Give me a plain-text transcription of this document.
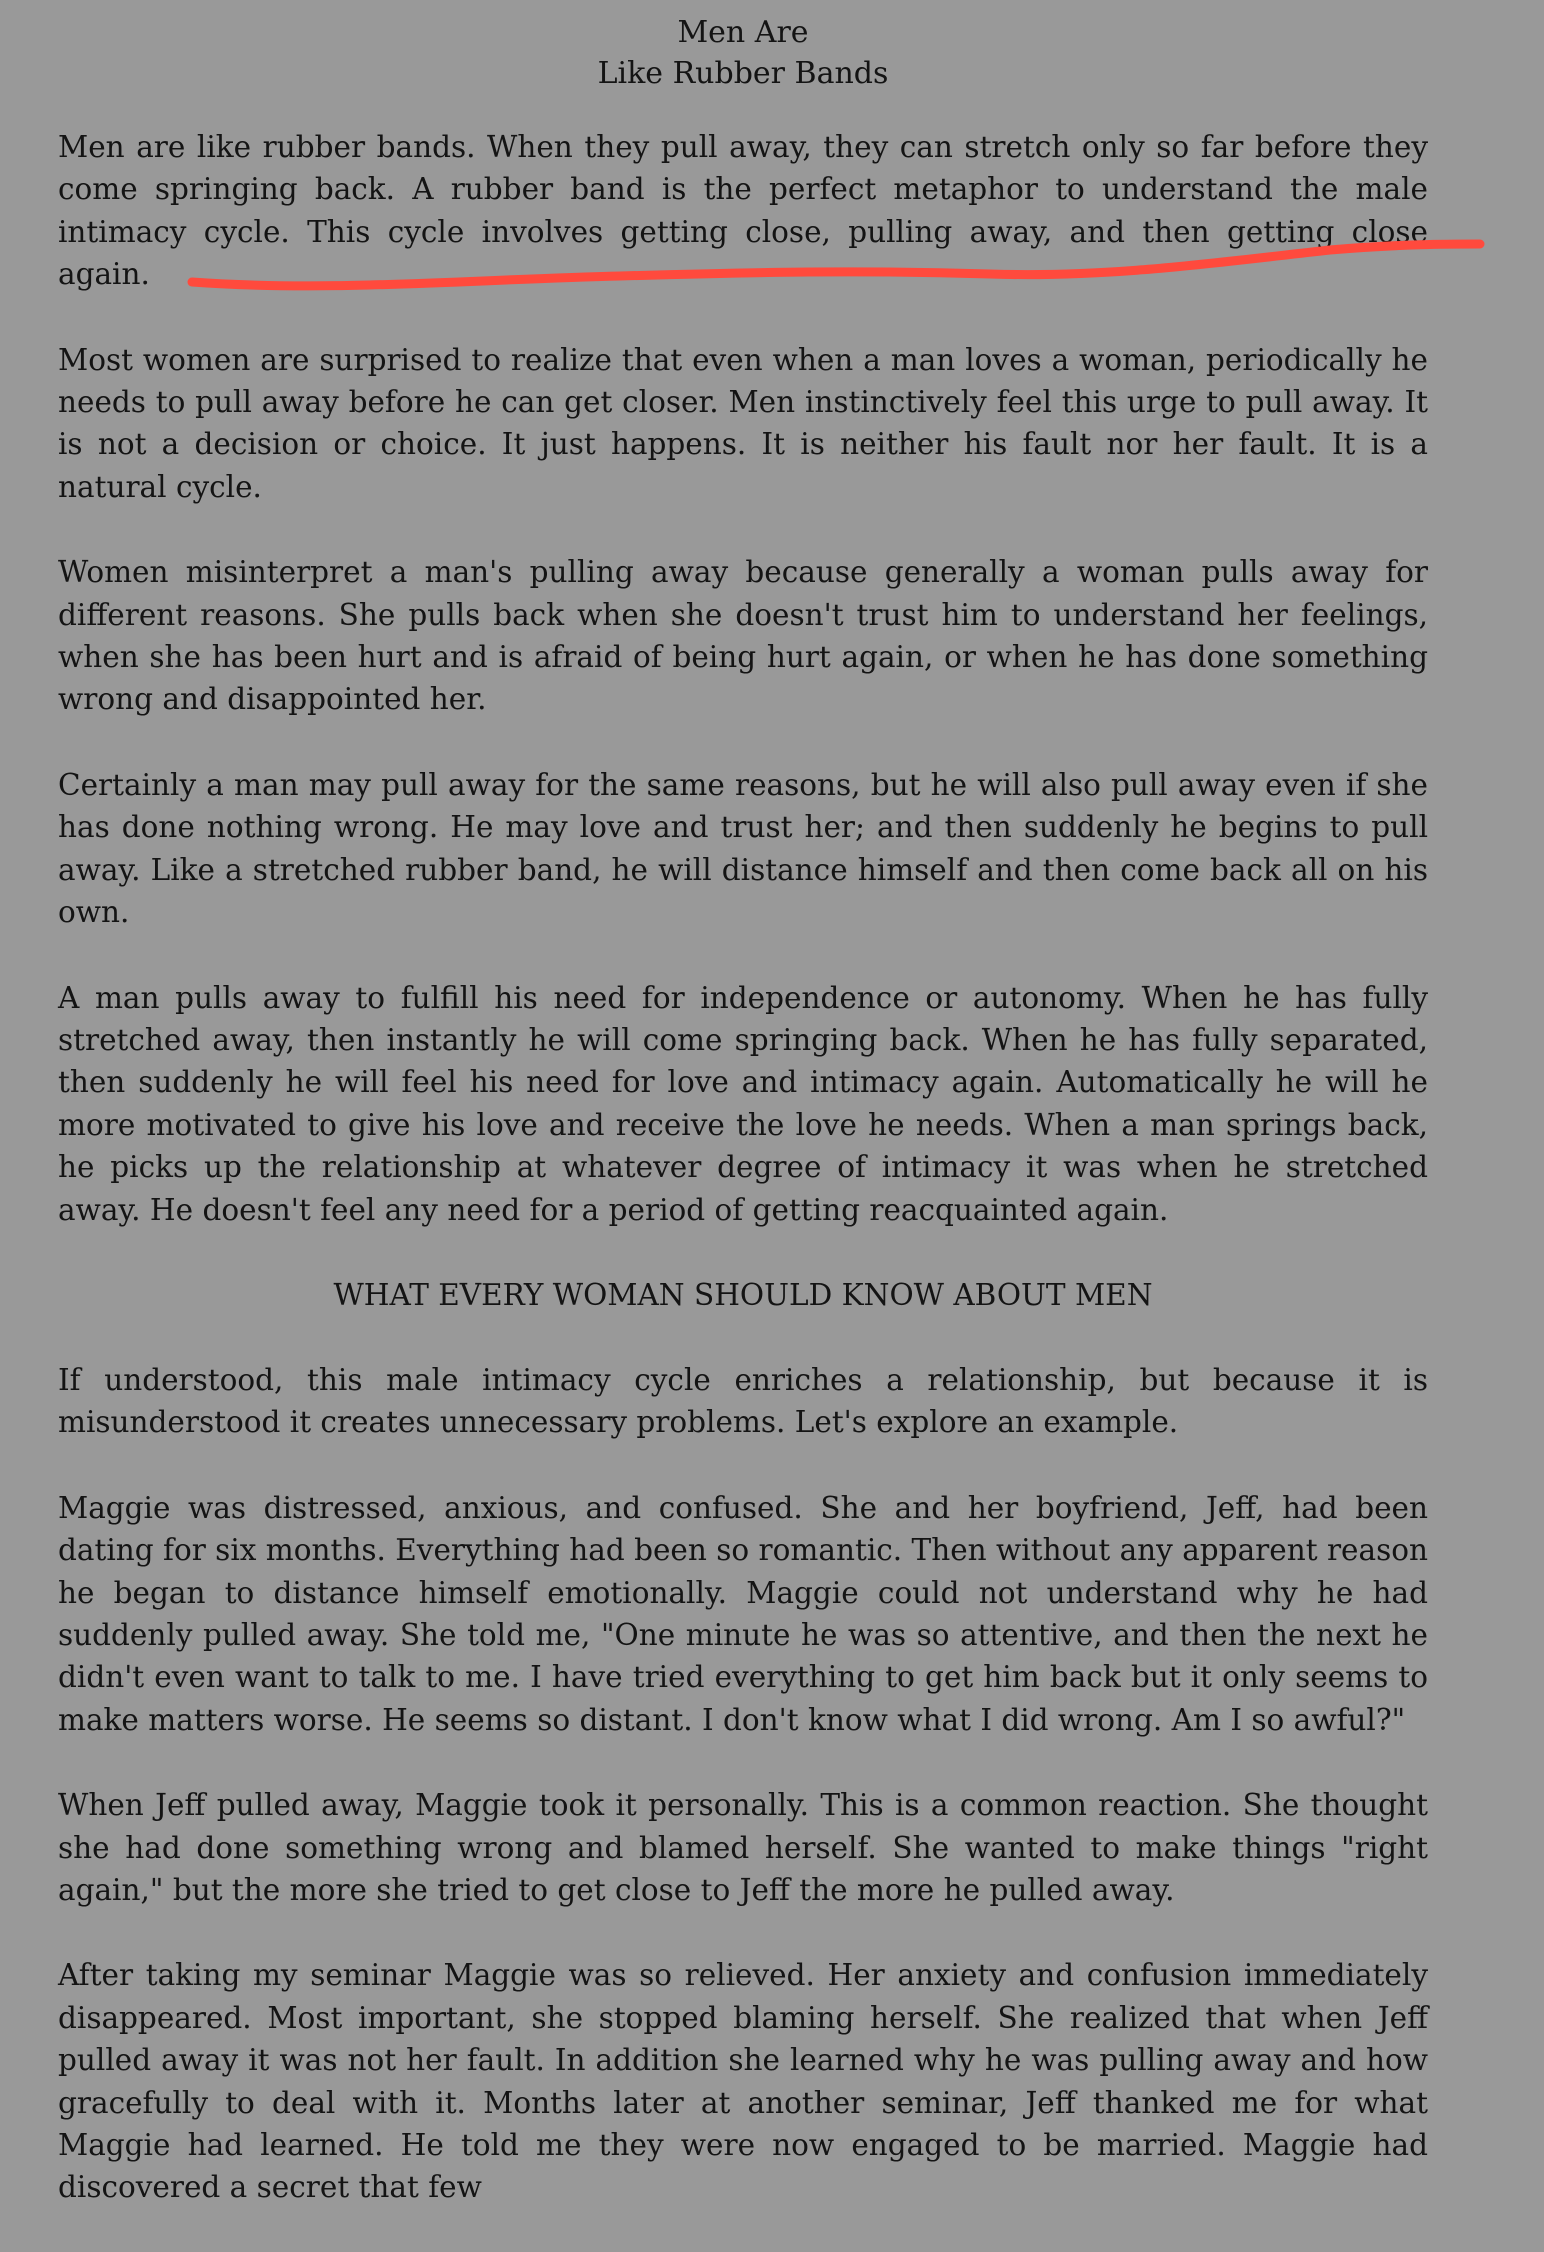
Men Are
Like Rubber Bands

Men are like rubber bands. When they pull away, they can stretch only so far before they come springing back. A rubber band is the perfect metaphor to understand the male intimacy cycle. This cycle involves getting close, pulling away, and then getting close again.

Most women are surprised to realize that even when a man loves a woman, periodically he needs to pull away before he can get closer. Men instinctively feel this urge to pull away. It is not a decision or choice. It just happens. It is neither his fault nor her fault. It is a natural cycle.

Women misinterpret a man's pulling away because generally a woman pulls away for different reasons. She pulls back when she doesn't trust him to understand her feelings, when she has been hurt and is afraid of being hurt again, or when he has done something wrong and disappointed her.

Certainly a man may pull away for the same reasons, but he will also pull away even if she has done nothing wrong. He may love and trust her; and then suddenly he begins to pull away. Like a stretched rubber band, he will distance himself and then come back all on his own.

A man pulls away to fulfill his need for independence or autonomy. When he has fully stretched away, then instantly he will come springing back. When he has fully separated, then suddenly he will feel his need for love and intimacy again. Automatically he will he more motivated to give his love and receive the love he needs. When a man springs back, he picks up the relationship at whatever degree of intimacy it was when he stretched away. He doesn't feel any need for a period of getting reacquainted again.

WHAT EVERY WOMAN SHOULD KNOW ABOUT MEN

If understood, this male intimacy cycle enriches a relationship, but because it is misunderstood it creates unnecessary problems. Let's explore an example.

Maggie was distressed, anxious, and confused. She and her boyfriend, Jeff, had been dating for six months. Everything had been so romantic. Then without any apparent reason he began to distance himself emotionally. Maggie could not understand why he had suddenly pulled away. She told me, "One minute he was so attentive, and then the next he didn't even want to talk to me. I have tried everything to get him back but it only seems to make matters worse. He seems so distant. I don't know what I did wrong. Am I so awful?"

When Jeff pulled away, Maggie took it personally. This is a common reaction. She thought she had done something wrong and blamed herself. She wanted to make things "right again," but the more she tried to get close to Jeff the more he pulled away.

After taking my seminar Maggie was so relieved. Her anxiety and confusion immediately disappeared. Most important, she stopped blaming herself. She realized that when Jeff pulled away it was not her fault. In addition she learned why he was pulling away and how gracefully to deal with it. Months later at another seminar, Jeff thanked me for what Maggie had learned. He told me they were now engaged to be married. Maggie had discovered a secret that few
